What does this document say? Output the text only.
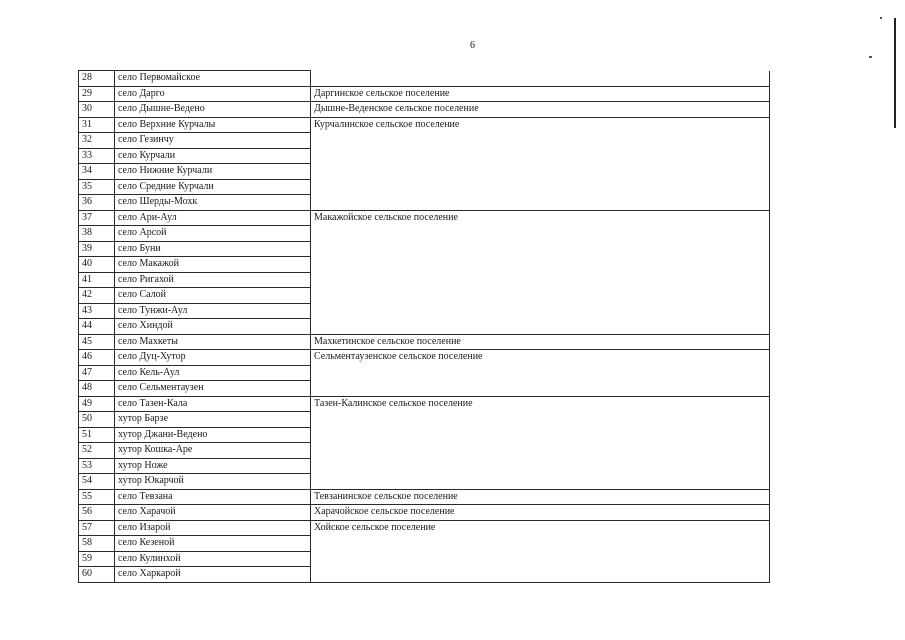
6
28	село Первомайское	
29	село Дарго	Даргинское сельское поселение
30	село Дышне-Ведено	Дышне-Веденское сельское поселение
31	село Верхние Курчалы	Курчалинское сельское поселение
32	село Гезинчу	
33	село Курчали	
34	село Нижние Курчали	
35	село Средние Курчали	
36	село Шерды-Мохк	
37	село Ари-Аул	Макажойское сельское поселение
38	село Арсой	
39	село Буни	
40	село Макажой	
41	село Ригахой	
42	село Салой	
43	село Тунжи-Аул	
44	село Хиндой	
45	село Махкеты	Махкетинское сельское поселение
46	село Дуц-Хутор	Сельментаузенское сельское поселение
47	село Кель-Аул	
48	село Сельментаузен	
49	село Тазен-Кала	Тазен-Калинское сельское поселение
50	хутор Барзе	
51	хутор Джани-Ведено	
52	хутор Кошка-Аре	
53	хутор Ноже	
54	хутор Юкарчой	
55	село Тевзана	Тевзанинское сельское поселение
56	село Харачой	Харачойское сельское поселение
57	село Изарой	Хойское сельское поселение
58	село Кезеной	
59	село Кулинхой	
60	село Харкарой	
